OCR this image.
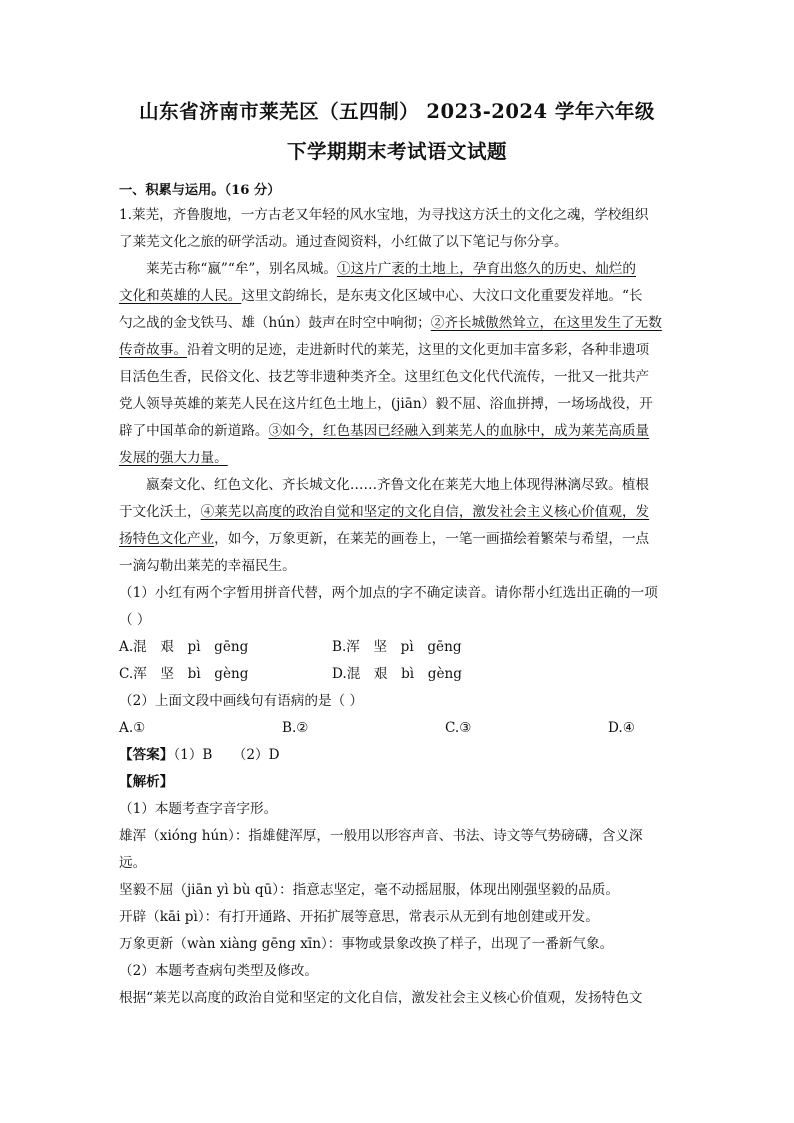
山东省济南市莱芜区（五四制） 2023-2024 学年六年级
下学期期末考试语文试题
一、积累与运用。（16 分）
1.莱芜，齐鲁腹地，一方古老又年轻的风水宝地，为寻找这方沃土的文化之魂，学校组织
了莱芜文化之旅的研学活动。通过查阅资料，小红做了以下笔记与你分享。
莱芜古称“嬴”“牟”，别名凤城。①这片广袤的土地上，孕育出悠久的历史、灿烂的
文化和英雄的人民。这里文韵绵长，是东夷文化区域中心、大汶口文化重要发祥地。“长
勺之战的金戈铁马、雄（hún）鼓声在时空中响彻；②齐长城傲然耸立，在这里发生了无数
传奇故事。沿着文明的足迹，走进新时代的莱芜，这里的文化更加丰富多彩，各种非遗项
目活色生香，民俗文化、技艺等非遗种类齐全。这里红色文化代代流传，一批又一批共产
党人领导英雄的莱芜人民在这片红色土地上，(jiān）毅不屈、浴血拼搏，一场场战役，开
辟了中国革命的新道路。③如今，红色基因已经融入到莱芜人的血脉中，成为莱芜高质量
发展的强大力量。
嬴秦文化、红色文化、齐长城文化……齐鲁文化在莱芜大地上体现得淋漓尽致。植根
于文化沃土，④莱芜以高度的政治自觉和坚定的文化自信，激发社会主义核心价值观，发
扬特色文化产业，如今，万象更新，在莱芜的画卷上，一笔一画描绘着繁荣与希望，一点
一滴勾勒出莱芜的幸福民生。
（1）小红有两个字暂用拼音代替，两个加点的字不确定读音。请你帮小红选出正确的一项
（ ）
A.混　艰　pì　gēng	B.浑　坚　pì　gēng
C.浑　坚　bì　gèng	D.混　艰　bì　gèng
（2）上面文段中画线句有语病的是（ ）
A.①	B.②	C.③	D.④
【答案】（1）B　　（2）D
【解析】
（1）本题考查字音字形。
雄浑（xióng hún）：指雄健浑厚，一般用以形容声音、书法、诗文等气势磅礴，含义深
远。
坚毅不屈（jiān yì bù qū）：指意志坚定，毫不动摇屈服，体现出刚强坚毅的品质。
开辟（kāi pì）：有打开通路、开拓扩展等意思，常表示从无到有地创建或开发。
万象更新（wàn xiàng gēng xīn）：事物或景象改换了样子，出现了一番新气象。
（2）本题考查病句类型及修改。
根据“莱芜以高度的政治自觉和坚定的文化自信，激发社会主义核心价值观，发扬特色文
